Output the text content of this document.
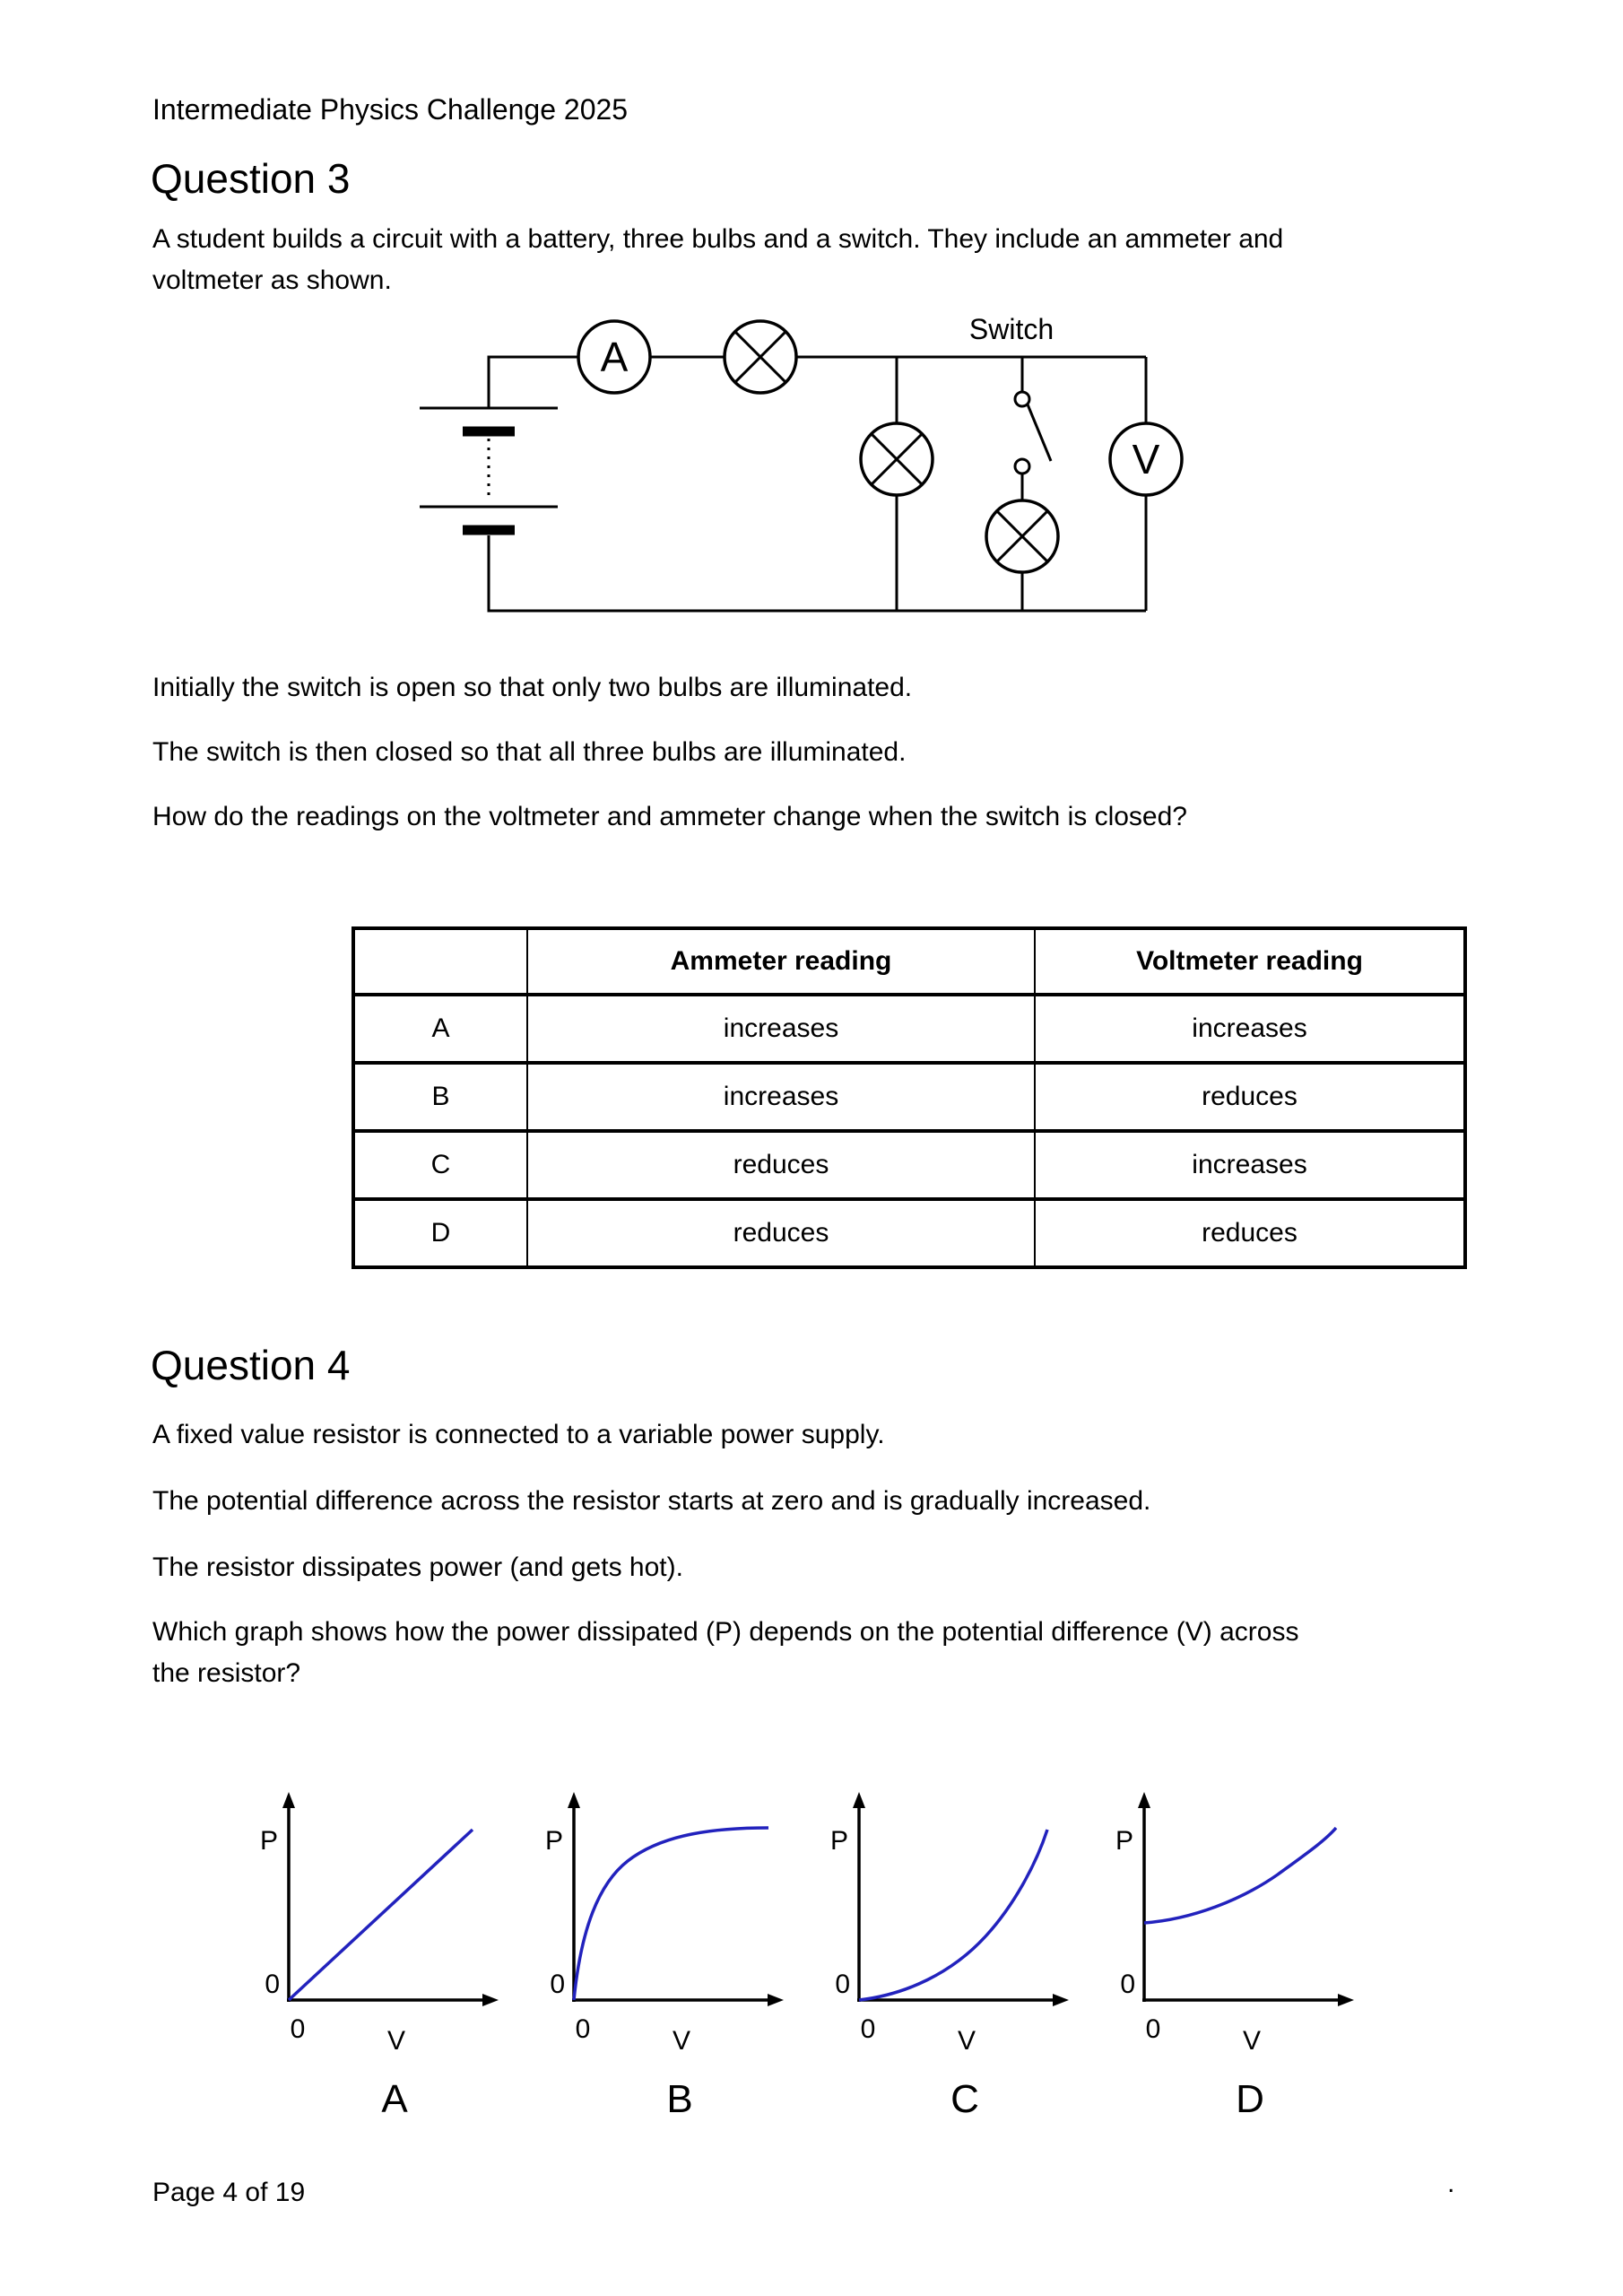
Intermediate Physics Challenge 2025
Question 3
A student builds a circuit with a battery, three bulbs and a switch. They include an ammeter and
voltmeter as shown.
A
V
Switch
Initially the switch is open so that only two bulbs are illuminated.
The switch is then closed so that all three bulbs are illuminated.
How do the readings on the voltmeter and ammeter change when the switch is closed?
	Ammeter reading	Voltmeter reading
A	increases	increases
B	increases	reduces
C	reduces	increases
D	reduces	reduces
Question 4
A fixed value resistor is connected to a variable power supply.
The potential difference across the resistor starts at zero and is gradually increased.
The resistor dissipates power (and gets hot).
Which graph shows how the power dissipated (P) depends on the potential difference (V) across
the resistor?
P
0
0	V
A
P
0
0	V
B
P
0
0	V
C
P
0
0	V
D
Page 4 of 19	.
